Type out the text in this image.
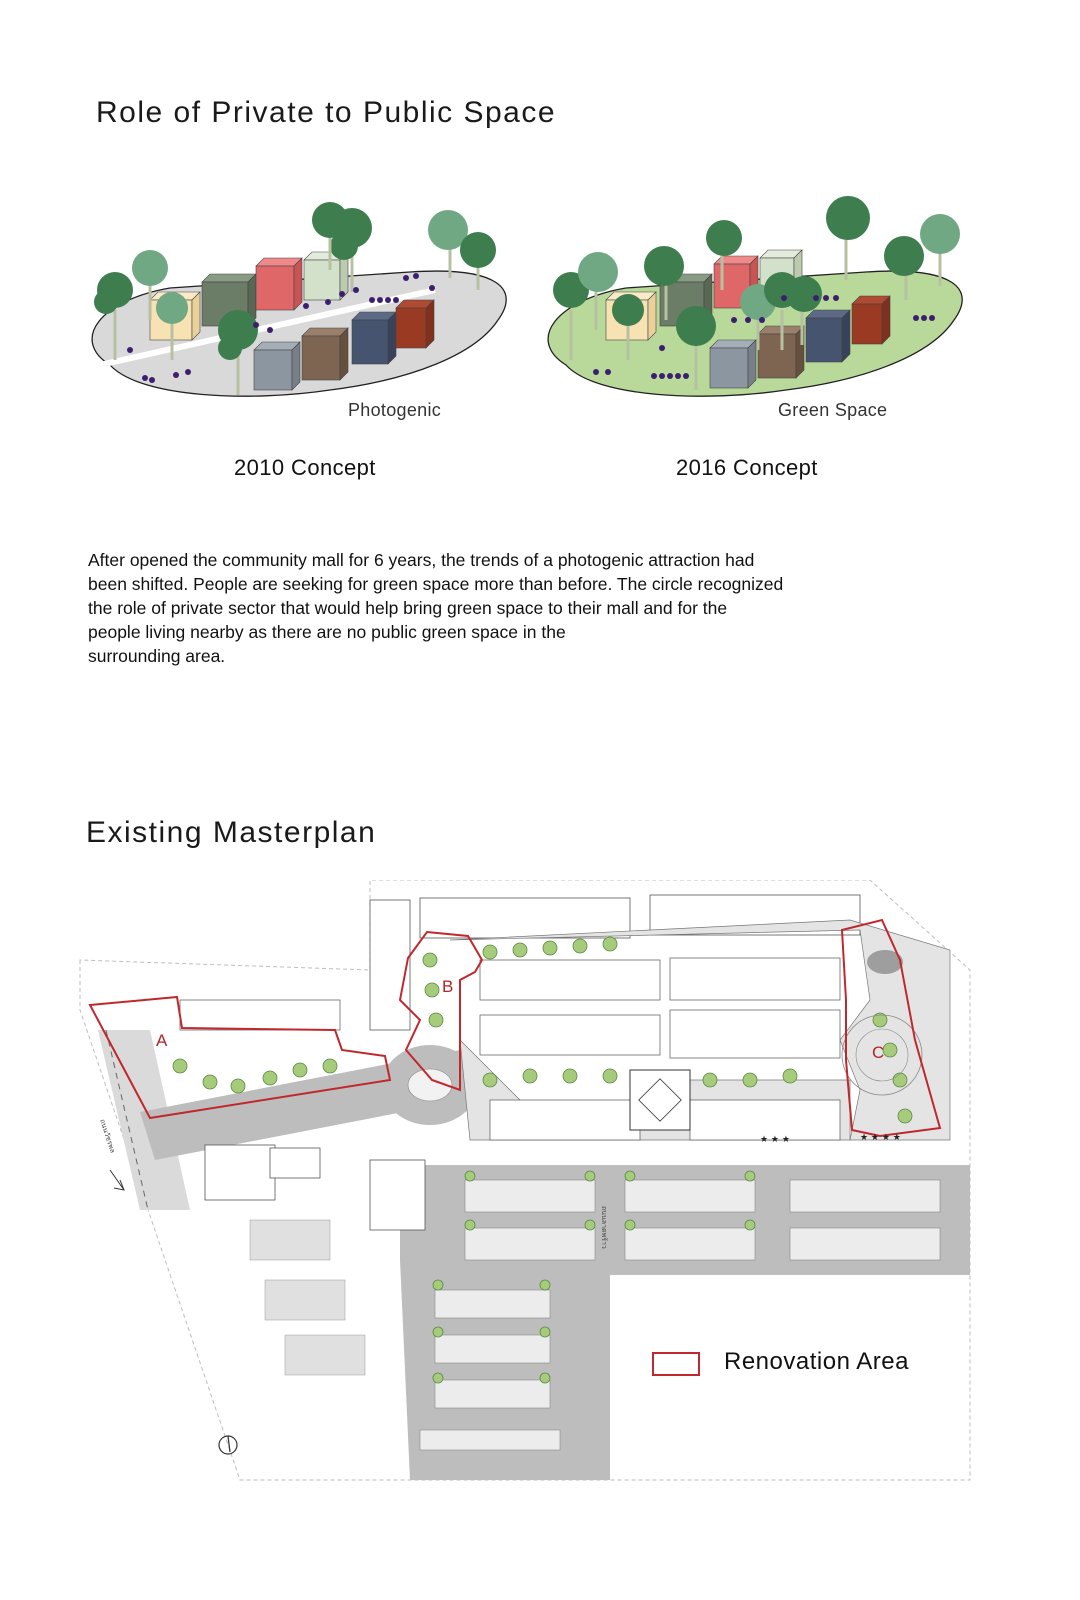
Role of Private to Public Space
Photogenic
2010 Concept
Green Space
2016 Concept

After opened the community mall for 6 years, the trends of a photogenic attraction had
been shifted. People are seeking for green space more than before. The circle recognized
the role of private sector that would help bring green space to their mall and for the
people living nearby as there are no public green space in the
surrounding area.

Existing Masterplan
A
B
C
★ ★ ★	★ ★ ★ ★
ถนนวัชรพล
ถนนลาดพร้าว
Renovation Area
